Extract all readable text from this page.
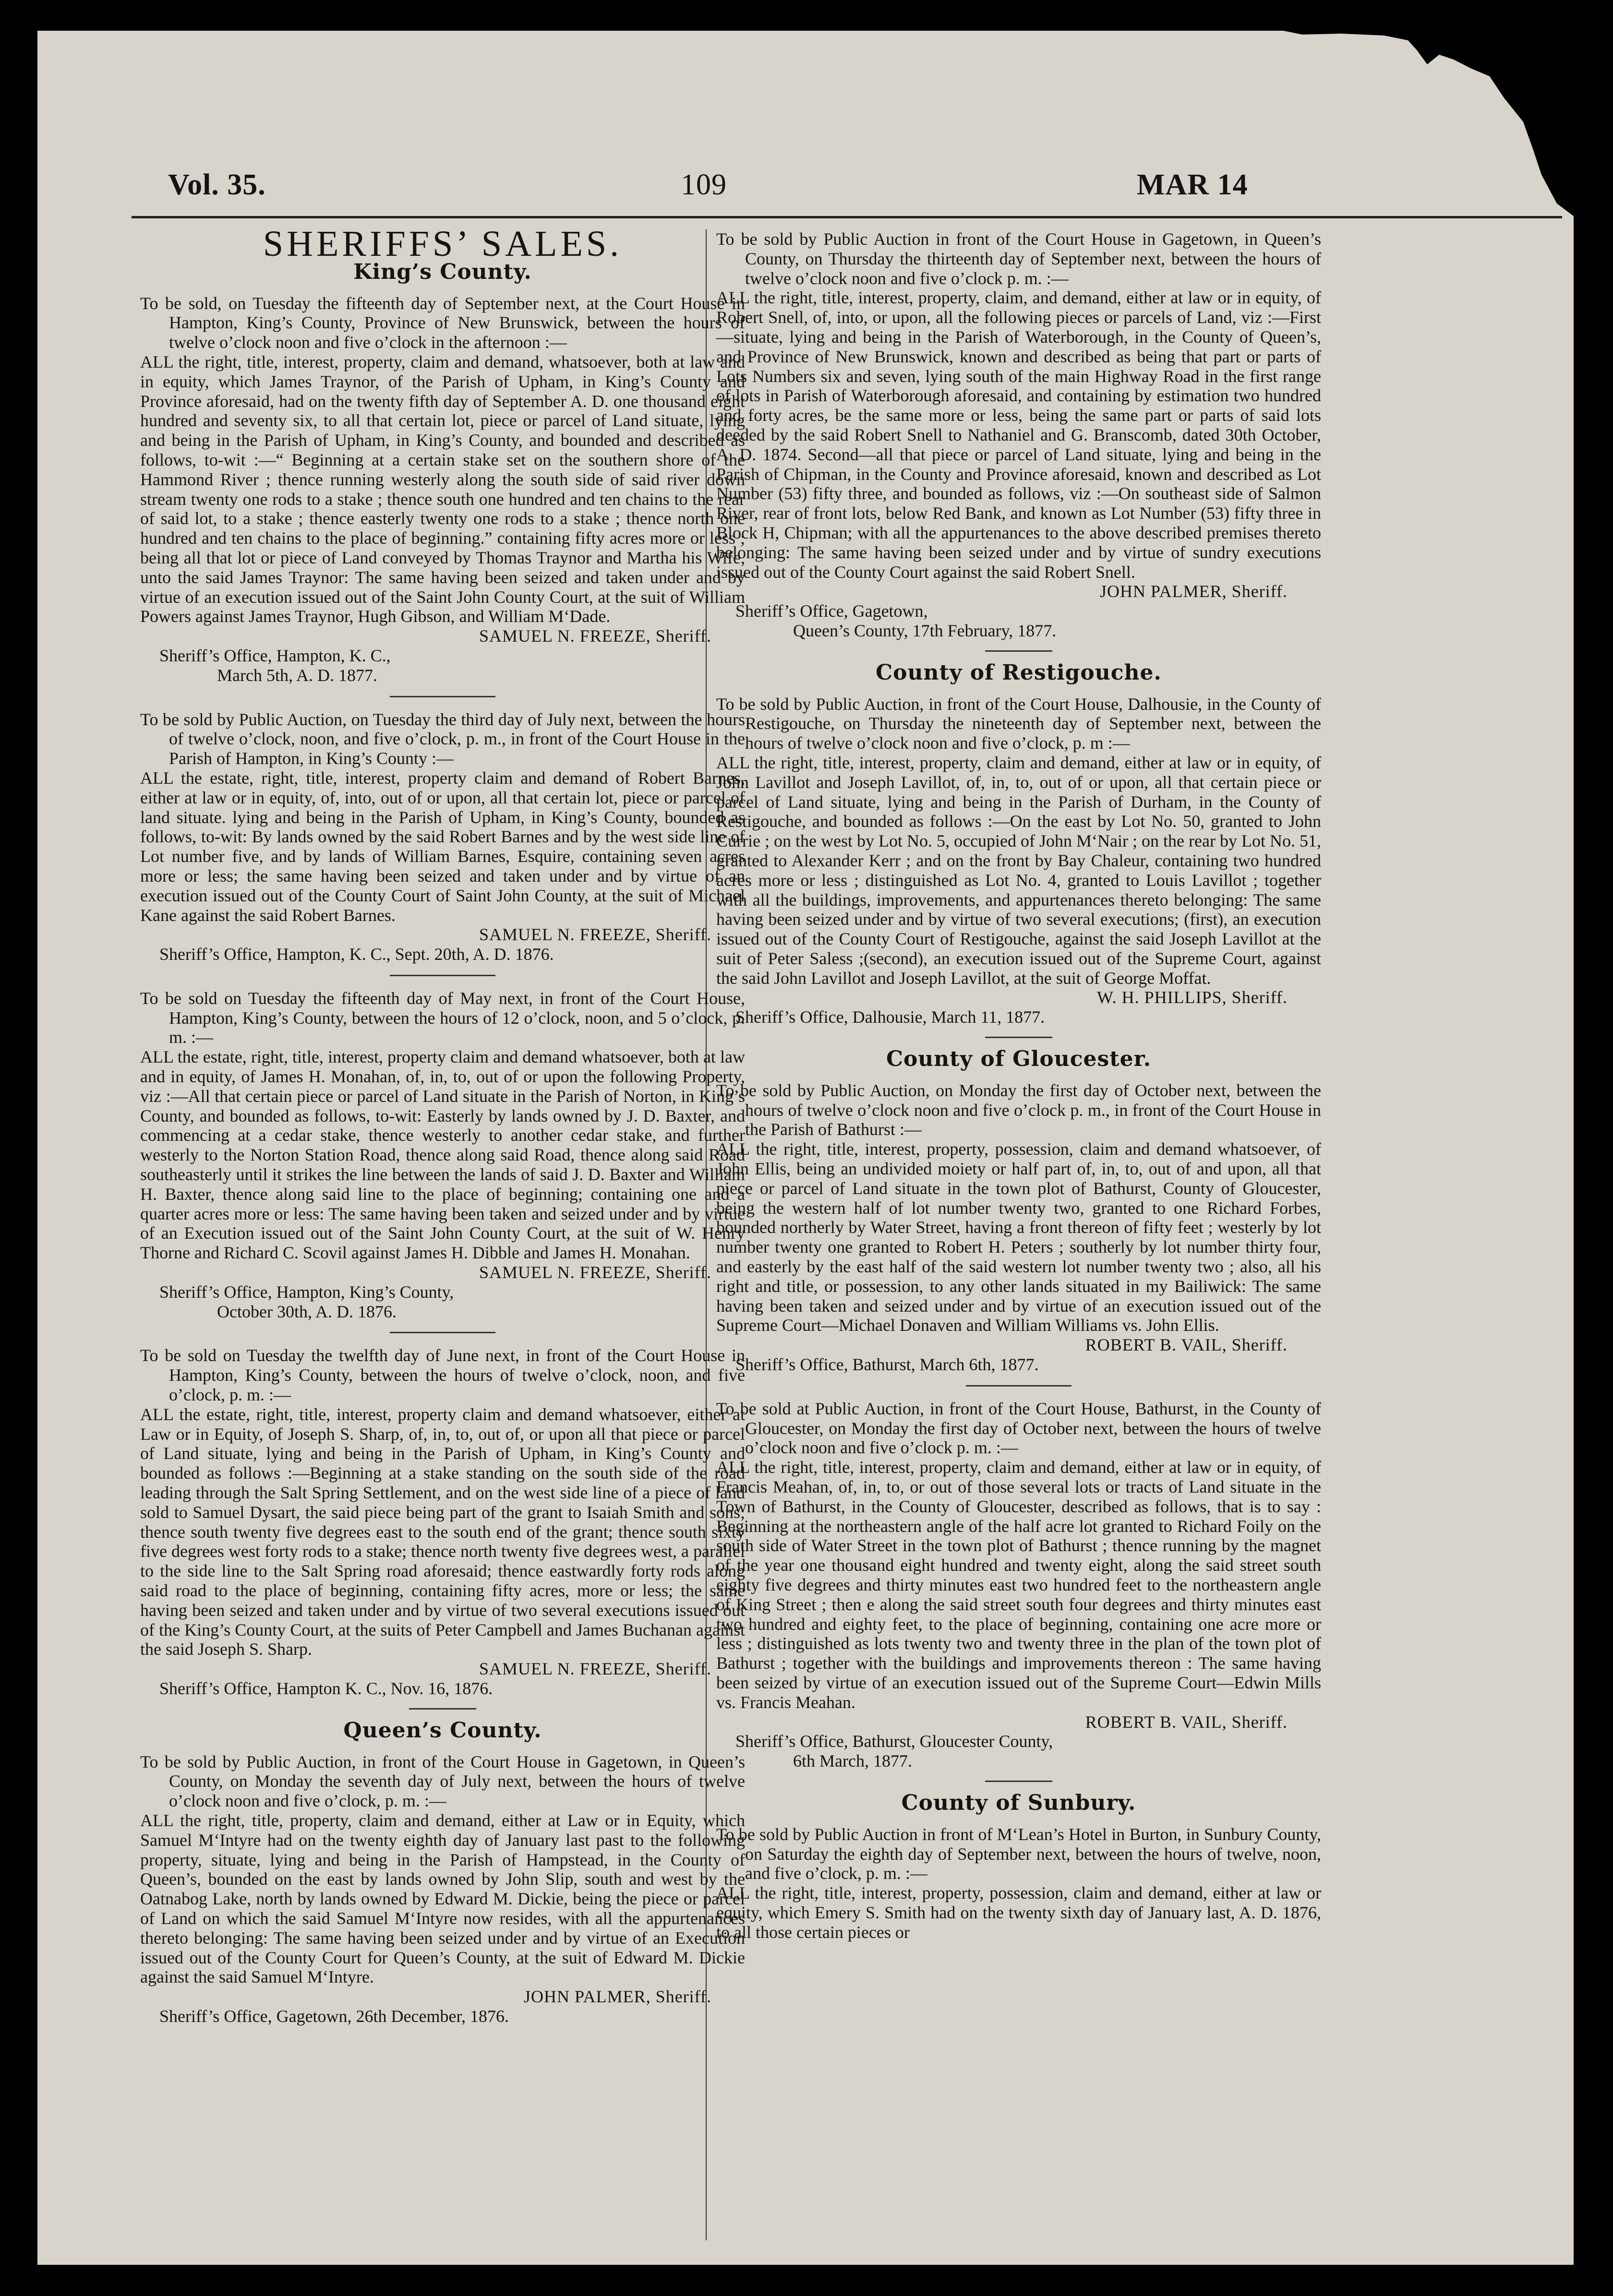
Vol. 35.	109	MAR 14
SHERIFFS’ SALES.
King’s County.

To be sold, on Tuesday the fifteenth day of September next, at the Court House in Hampton, King’s County, Province of New Brunswick, between the hours of twelve o’clock noon and five o’clock in the afternoon :—

ALL the right, title, interest, property, claim and demand, whatsoever, both at law and in equity, which James Traynor, of the Parish of Upham, in King’s County and Province aforesaid, had on the twenty fifth day of September A. D. one thousand eight hundred and seventy six, to all that certain lot, piece or parcel of Land situate, lying and being in the Parish of Upham, in King’s County, and bounded and described as follows, to-wit :—“ Beginning at a certain stake set on the southern shore of the Hammond River ; thence running westerly along the south side of said river down stream twenty one rods to a stake ; thence south one hundred and ten chains to the rear of said lot, to a stake ; thence easterly twenty one rods to a stake ; thence north one hundred and ten chains to the place of beginning.” containing fifty acres more or less ; being all that lot or piece of Land conveyed by Thomas Traynor and Martha his Wife, unto the said James Traynor: The same having been seized and taken under and by virtue of an execution issued out of the Saint John County Court, at the suit of William Powers against James Traynor, Hugh Gibson, and William M‘Dade.

SAMUEL N. FREEZE, Sheriff.

Sheriff’s Office, Hampton, K. C.,

March 5th, A. D. 1877.

To be sold by Public Auction, on Tuesday the third day of July next, between the hours of twelve o’clock, noon, and five o’clock, p. m., in front of the Court House in the Parish of Hampton, in King’s County :—

ALL the estate, right, title, interest, property claim and demand of Robert Barnes, either at law or in equity, of, into, out of or upon, all that certain lot, piece or parcel of land situate. lying and being in the Parish of Upham, in King’s County, bounded as follows, to-wit: By lands owned by the said Robert Barnes and by the west side line of Lot number five, and by lands of William Barnes, Esquire, containing seven acres more or less; the same having been seized and taken under and by virtue of an execution issued out of the County Court of Saint John County, at the suit of Michael Kane against the said Robert Barnes.

SAMUEL N. FREEZE, Sheriff.

Sheriff’s Office, Hampton, K. C., Sept. 20th, A. D. 1876.

To be sold on Tuesday the fifteenth day of May next, in front of the Court House, Hampton, King’s County, between the hours of 12 o’clock, noon, and 5 o’clock, p. m. :—

ALL the estate, right, title, interest, property claim and demand whatsoever, both at law and in equity, of James H. Monahan, of, in, to, out of or upon the following Property, viz :—All that certain piece or parcel of Land situate in the Parish of Norton, in King’s County, and bounded as follows, to-wit: Easterly by lands owned by J. D. Baxter, and commencing at a cedar stake, thence westerly to another cedar stake, and further westerly to the Norton Station Road, thence along said Road, thence along said Road southeasterly until it strikes the line between the lands of said J. D. Baxter and William H. Baxter, thence along said line to the place of beginning; containing one and a quarter acres more or less: The same having been taken and seized under and by virtue of an Execution issued out of the Saint John County Court, at the suit of W. Henry Thorne and Richard C. Scovil against James H. Dibble and James H. Monahan.

SAMUEL N. FREEZE, Sheriff.

Sheriff’s Office, Hampton, King’s County,

October 30th, A. D. 1876.

To be sold on Tuesday the twelfth day of June next, in front of the Court House in Hampton, King’s County, between the hours of twelve o’clock, noon, and five o’clock, p. m. :—

ALL the estate, right, title, interest, property claim and demand whatsoever, either at Law or in Equity, of Joseph S. Sharp, of, in, to, out of, or upon all that piece or parcel of Land situate, lying and being in the Parish of Upham, in King’s County and bounded as follows :—Beginning at a stake standing on the south side of the road leading through the Salt Spring Settlement, and on the west side line of a piece of land sold to Samuel Dysart, the said piece being part of the grant to Isaiah Smith and sons; thence south twenty five degrees east to the south end of the grant; thence south sixty five degrees west forty rods to a stake; thence north twenty five degrees west, a parallel to the side line to the Salt Spring road aforesaid; thence eastwardly forty rods along said road to the place of beginning, containing fifty acres, more or less; the same having been seized and taken under and by virtue of two several executions issued out of the King’s County Court, at the suits of Peter Campbell and James Buchanan against the said Joseph S. Sharp.

SAMUEL N. FREEZE, Sheriff.

Sheriff’s Office, Hampton K. C., Nov. 16, 1876.

Queen’s County.

To be sold by Public Auction, in front of the Court House in Gagetown, in Queen’s County, on Monday the seventh day of July next, between the hours of twelve o’clock noon and five o’clock, p. m. :—

ALL the right, title, property, claim and demand, either at Law or in Equity, which Samuel M‘Intyre had on the twenty eighth day of January last past to the following property, situate, lying and being in the Parish of Hampstead, in the County of Queen’s, bounded on the east by lands owned by John Slip, south and west by the Oatnabog Lake, north by lands owned by Edward M. Dickie, being the piece or parcel of Land on which the said Samuel M‘Intyre now resides, with all the appurtenances thereto belonging: The same having been seized under and by virtue of an Execution issued out of the County Court for Queen’s County, at the suit of Edward M. Dickie against the said Samuel M‘Intyre.

JOHN PALMER, Sheriff.

Sheriff’s Office, Gagetown, 26th December, 1876.

To be sold by Public Auction in front of the Court House in Gagetown, in Queen’s County, on Thursday the thirteenth day of September next, between the hours of twelve o’clock noon and five o’clock p. m. :—

ALL the right, title, interest, property, claim, and demand, either at law or in equity, of Robert Snell, of, into, or upon, all the following pieces or parcels of Land, viz :—First—situate, lying and being in the Parish of Waterborough, in the County of Queen’s, and Province of New Brunswick, known and described as being that part or parts of Lots Numbers six and seven, lying south of the main Highway Road in the first range of lots in Parish of Waterborough aforesaid, and containing by estimation two hundred and forty acres, be the same more or less, being the same part or parts of said lots deeded by the said Robert Snell to Nathaniel and G. Branscomb, dated 30th October, A. D. 1874. Second—all that piece or parcel of Land situate, lying and being in the Parish of Chipman, in the County and Province aforesaid, known and described as Lot Number (53) fifty three, and bounded as follows, viz :—On southeast side of Salmon River, rear of front lots, below Red Bank, and known as Lot Number (53) fifty three in Block H, Chipman; with all the appurtenances to the above described premises thereto belonging: The same having been seized under and by virtue of sundry executions issued out of the County Court against the said Robert Snell.

JOHN PALMER, Sheriff.

Sheriff’s Office, Gagetown,

Queen’s County, 17th February, 1877.

County of Restigouche.

To be sold by Public Auction, in front of the Court House, Dalhousie, in the County of Restigouche, on Thursday the nineteenth day of September next, between the hours of twelve o’clock noon and five o’clock, p. m :—

ALL the right, title, interest, property, claim and demand, either at law or in equity, of John Lavillot and Joseph Lavillot, of, in, to, out of or upon, all that certain piece or parcel of Land situate, lying and being in the Parish of Durham, in the County of Restigouche, and bounded as follows :—On the east by Lot No. 50, granted to John Currie ; on the west by Lot No. 5, occupied of John M‘Nair ; on the rear by Lot No. 51, granted to Alexander Kerr ; and on the front by Bay Chaleur, containing two hundred acres more or less ; distinguished as Lot No. 4, granted to Louis Lavillot ; together with all the buildings, improvements, and appurtenances thereto belonging: The same having been seized under and by virtue of two several executions; (first), an execution issued out of the County Court of Restigouche, against the said Joseph Lavillot at the suit of Peter Saless ;(second), an execution issued out of the Supreme Court, against the said John Lavillot and Joseph Lavillot, at the suit of George Moffat.

W. H. PHILLIPS, Sheriff.

Sheriff’s Office, Dalhousie, March 11, 1877.

County of Gloucester.

To be sold by Public Auction, on Monday the first day of October next, between the hours of twelve o’clock noon and five o’clock p. m., in front of the Court House in the Parish of Bathurst :—

ALL the right, title, interest, property, possession, claim and demand whatsoever, of John Ellis, being an undivided moiety or half part of, in, to, out of and upon, all that piece or parcel of Land situate in the town plot of Bathurst, County of Gloucester, being the western half of lot number twenty two, granted to one Richard Forbes, bounded northerly by Water Street, having a front thereon of fifty feet ; westerly by lot number twenty one granted to Robert H. Peters ; southerly by lot number thirty four, and easterly by the east half of the said western lot number twenty two ; also, all his right and title, or possession, to any other lands situated in my Bailiwick: The same having been taken and seized under and by virtue of an execution issued out of the Supreme Court—Michael Donaven and William Williams vs. John Ellis.

ROBERT B. VAIL, Sheriff.

Sheriff’s Office, Bathurst, March 6th, 1877.

To be sold at Public Auction, in front of the Court House, Bathurst, in the County of Gloucester, on Monday the first day of October next, between the hours of twelve o’clock noon and five o’clock p. m. :—

ALL the right, title, interest, property, claim and demand, either at law or in equity, of Francis Meahan, of, in, to, or out of those several lots or tracts of Land situate in the Town of Bathurst, in the County of Gloucester, described as follows, that is to say : Beginning at the northeastern angle of the half acre lot granted to Richard Foily on the south side of Water Street in the town plot of Bathurst ; thence running by the magnet of the year one thousand eight hundred and twenty eight, along the said street south eighty five degrees and thirty minutes east two hundred feet to the northeastern angle of King Street ; then e along the said street south four degrees and thirty minutes east two hundred and eighty feet, to the place of beginning, containing one acre more or less ; distinguished as lots twenty two and twenty three in the plan of the town plot of Bathurst ; together with the buildings and improvements thereon : The same having been seized by virtue of an execution issued out of the Supreme Court—Edwin Mills vs. Francis Meahan.

ROBERT B. VAIL, Sheriff.

Sheriff’s Office, Bathurst, Gloucester County,

6th March, 1877.

County of Sunbury.

To be sold by Public Auction in front of M‘Lean’s Hotel in Burton, in Sunbury County, on Saturday the eighth day of September next, between the hours of twelve, noon, and five o’clock, p. m. :—

ALL the right, title, interest, property, possession, claim and demand, either at law or equity, which Emery S. Smith had on the twenty sixth day of January last, A. D. 1876, to all those certain pieces or
